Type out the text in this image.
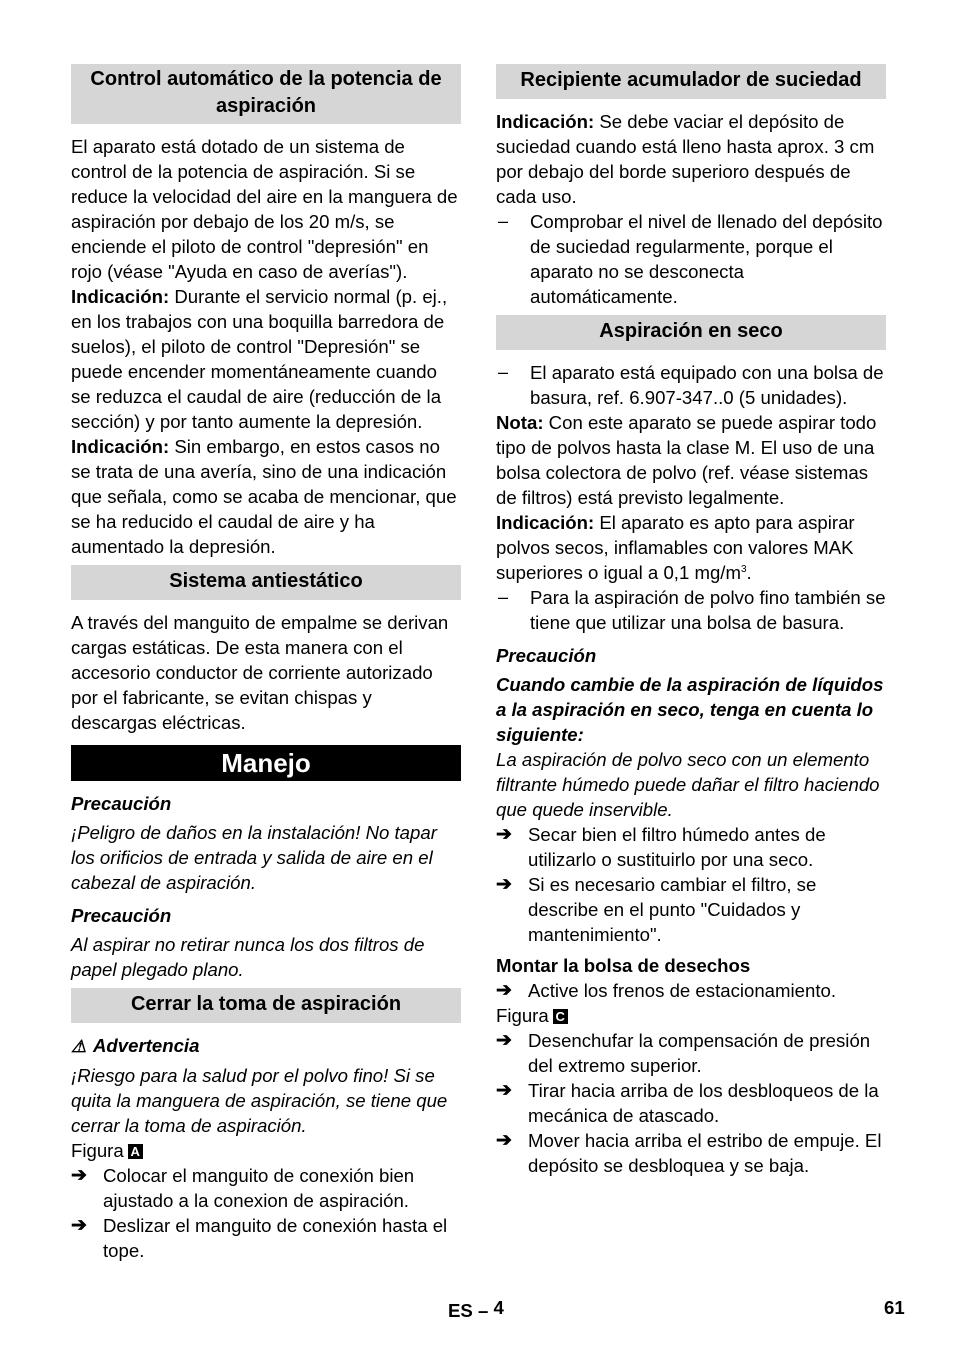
Control automático de la potencia de aspiración

El aparato está dotado de un sistema de control de la potencia de aspiración. Si se reduce la velocidad del aire en la manguera de aspiración por debajo de los 20 m/s, se enciende el piloto de control "depresión" en rojo (véase "Ayuda en caso de averías").

Indicación: Durante el servicio normal (p. ej., en los trabajos con una boquilla barredora de suelos), el piloto de control "Depresión" se puede encender momentáneamente cuando se reduzca el caudal de aire (reducción de la sección) y por tanto aumente la depresión.

Indicación: Sin embargo, en estos casos no se trata de una avería, sino de una indicación que señala, como se acaba de mencionar, que se ha reducido el caudal de aire y ha aumentado la depresión.

Sistema antiestático

A través del manguito de empalme se derivan cargas estáticas. De esta manera con el accesorio conductor de corriente autorizado por el fabricante, se evitan chispas y descargas eléctricas.

Manejo
Precaución

¡Peligro de daños en la instalación! No tapar los orificios de entrada y salida de aire en el cabezal de aspiración.

Precaución

Al aspirar no retirar nunca los dos filtros de papel plegado plano.

Cerrar la toma de aspiración
⚠ Advertencia

¡Riesgo para la salud por el polvo fino! Si se quita la manguera de aspiración, se tiene que cerrar la toma de aspiración.

Figura A

➔ Colocar el manguito de conexión bien ajustado a la conexion de aspiración.
➔ Deslizar el manguito de conexión hasta el tope.
Recipiente acumulador de suciedad

Indicación: Se debe vaciar el depósito de suciedad cuando está lleno hasta aprox. 3 cm por debajo del borde superioro después de cada uso.

–	Comprobar el nivel de llenado del depósito de suciedad regularmente, porque el aparato no se desconecta automáticamente.
Aspiración en seco
–	El aparato está equipado con una bolsa de basura, ref. 6.907-347..0 (5 unidades).

Nota: Con este aparato se puede aspirar todo tipo de polvos hasta la clase M. El uso de una bolsa colectora de polvo (ref. véase sistemas de filtros) está previsto legalmente.

Indicación: El aparato es apto para aspirar polvos secos, inflamables con valores MAK superiores o igual a 0,1 $mg/m^3$.

–	Para la aspiración de polvo fino también se tiene que utilizar una bolsa de basura.
Precaución

Cuando cambie de la aspiración de líquidos a la aspiración en seco, tenga en cuenta lo siguiente:

La aspiración de polvo seco con un elemento filtrante húmedo puede dañar el filtro haciendo que quede inservible.

➔ Secar bien el filtro húmedo antes de utilizarlo o sustituirlo por una seco.
➔ Si es necesario cambiar el filtro, se describe en el punto "Cuidados y mantenimiento".

Montar la bolsa de desechos

➔ Active los frenos de estacionamiento.

Figura C

➔ Desenchufar la compensación de presión del extremo superior.
➔ Tirar hacia arriba de los desbloqueos de la mecánica de atascado.
➔ Mover hacia arriba el estribo de empuje. El depósito se desbloquea y se baja.
ES – 4	61
